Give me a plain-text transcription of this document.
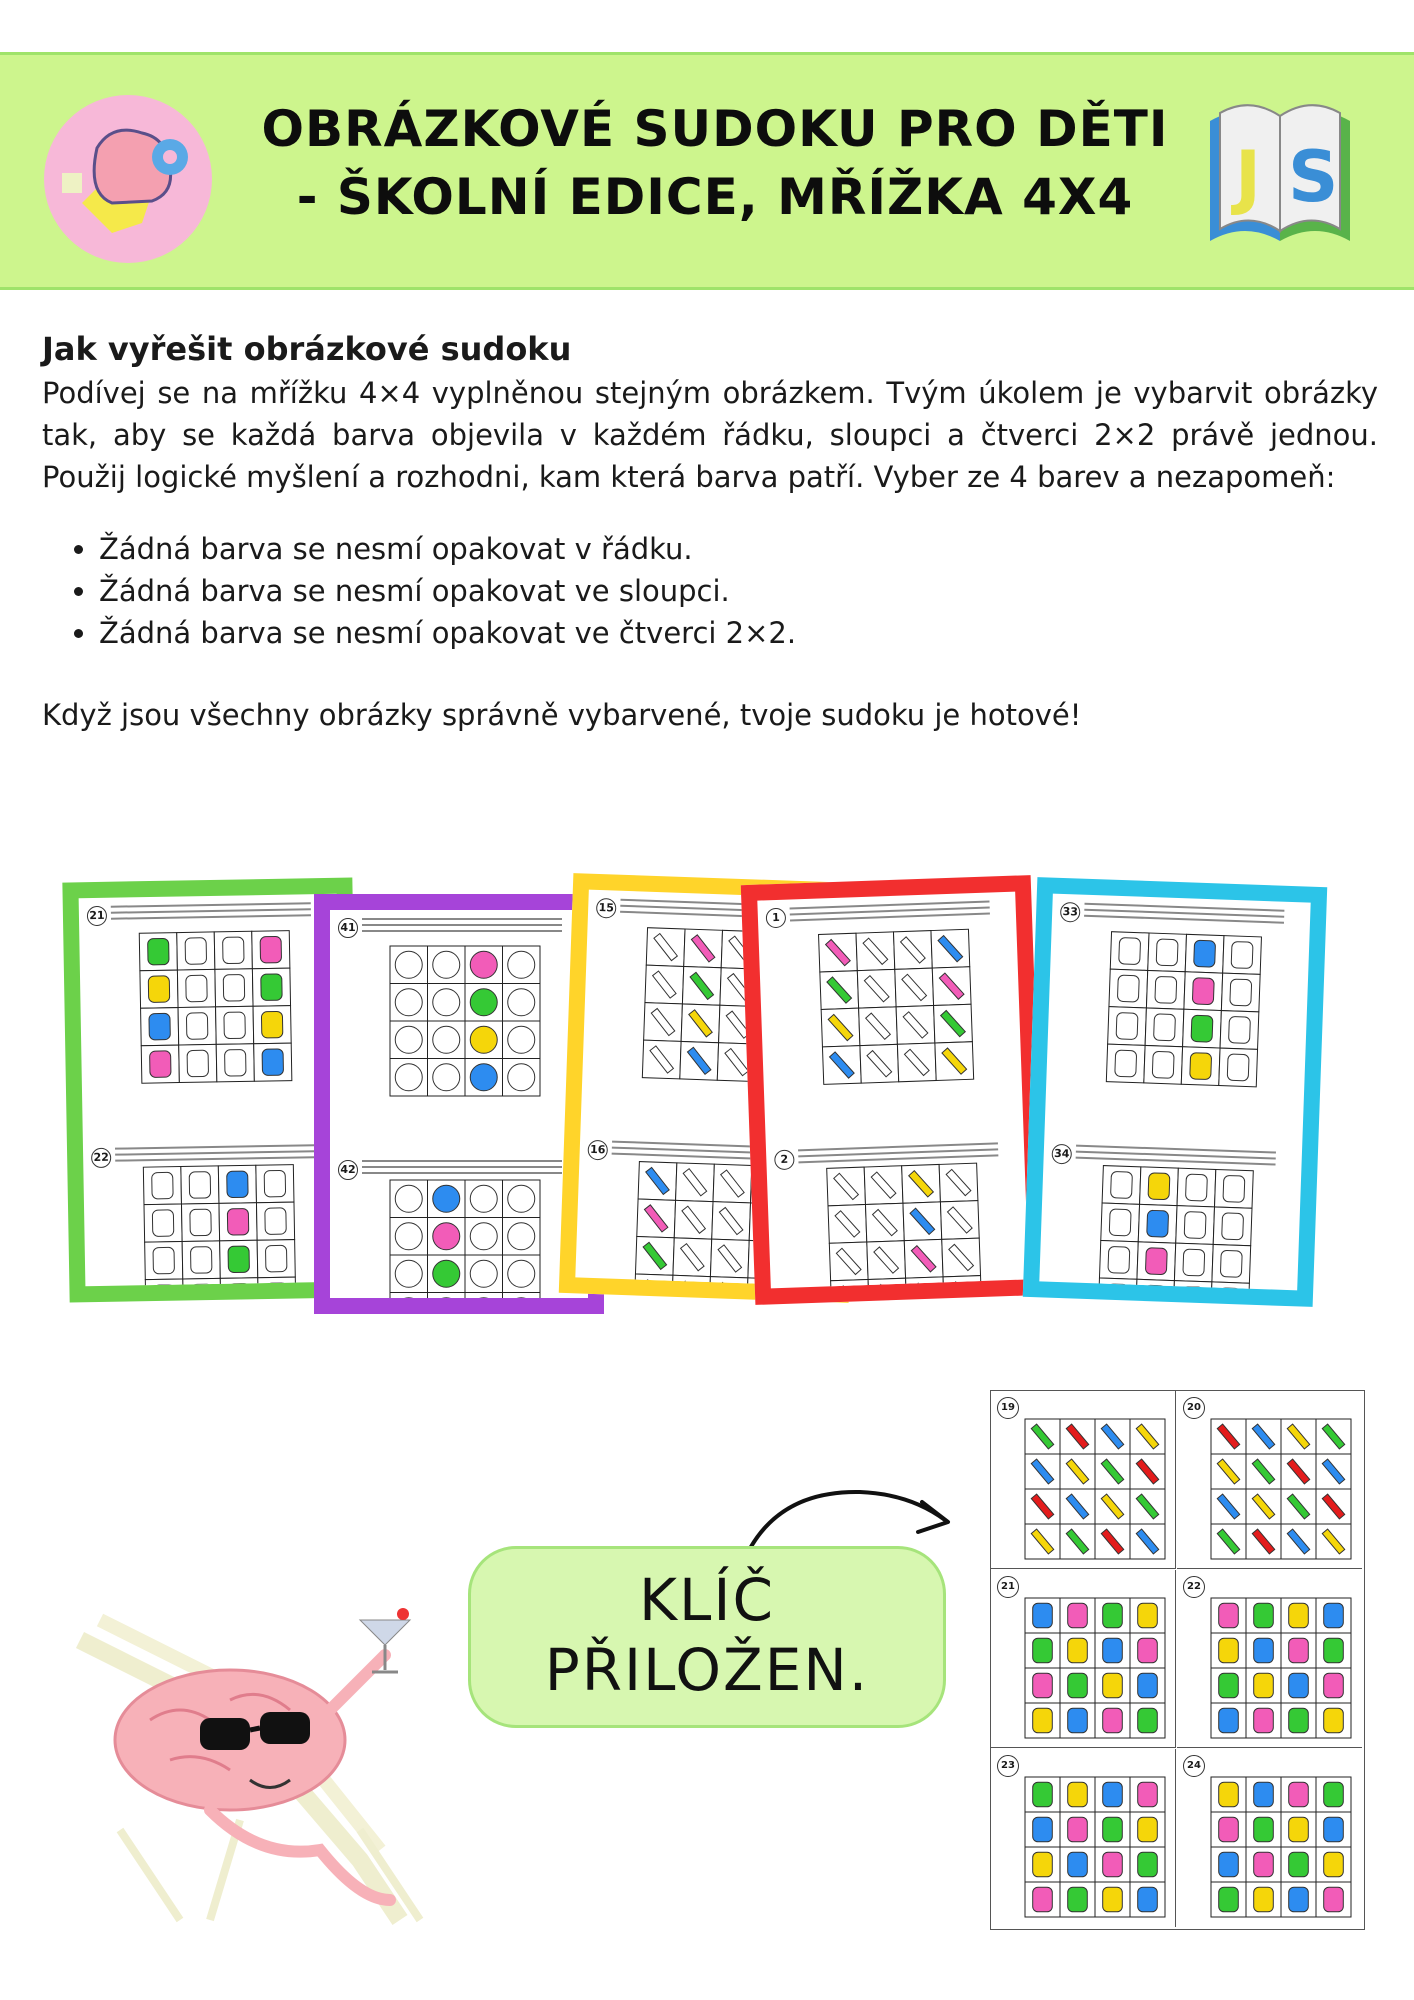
OBRÁZKOVÉ SUDOKU PRO DĚTI
- ŠKOLNÍ EDICE, MŘÍŽKA 4X4	J S
Jak vyřešit obrázkové sudoku

Podívej se na mřížku 4×4 vyplněnou stejným obrázkem. Tvým úkolem je vybarvit obrázky tak, aby se každá barva objevila v každém řádku, sloupci a čtverci 2×2 právě jednou. Použij logické myšlení a rozhodni, kam která barva patří. Vyber ze 4 barev a nezapomeň:

• Žádná barva se nesmí opakovat v řádku.
• Žádná barva se nesmí opakovat ve sloupci.
• Žádná barva se nesmí opakovat ve čtverci 2×2.

Když jsou všechny obrázky správně vybarvené, tvoje sudoku je hotové!

21
22
41
42
15
16
1
2
33
34
KLÍČ
PŘILOŽEN.
19	20
21	22
23	24
